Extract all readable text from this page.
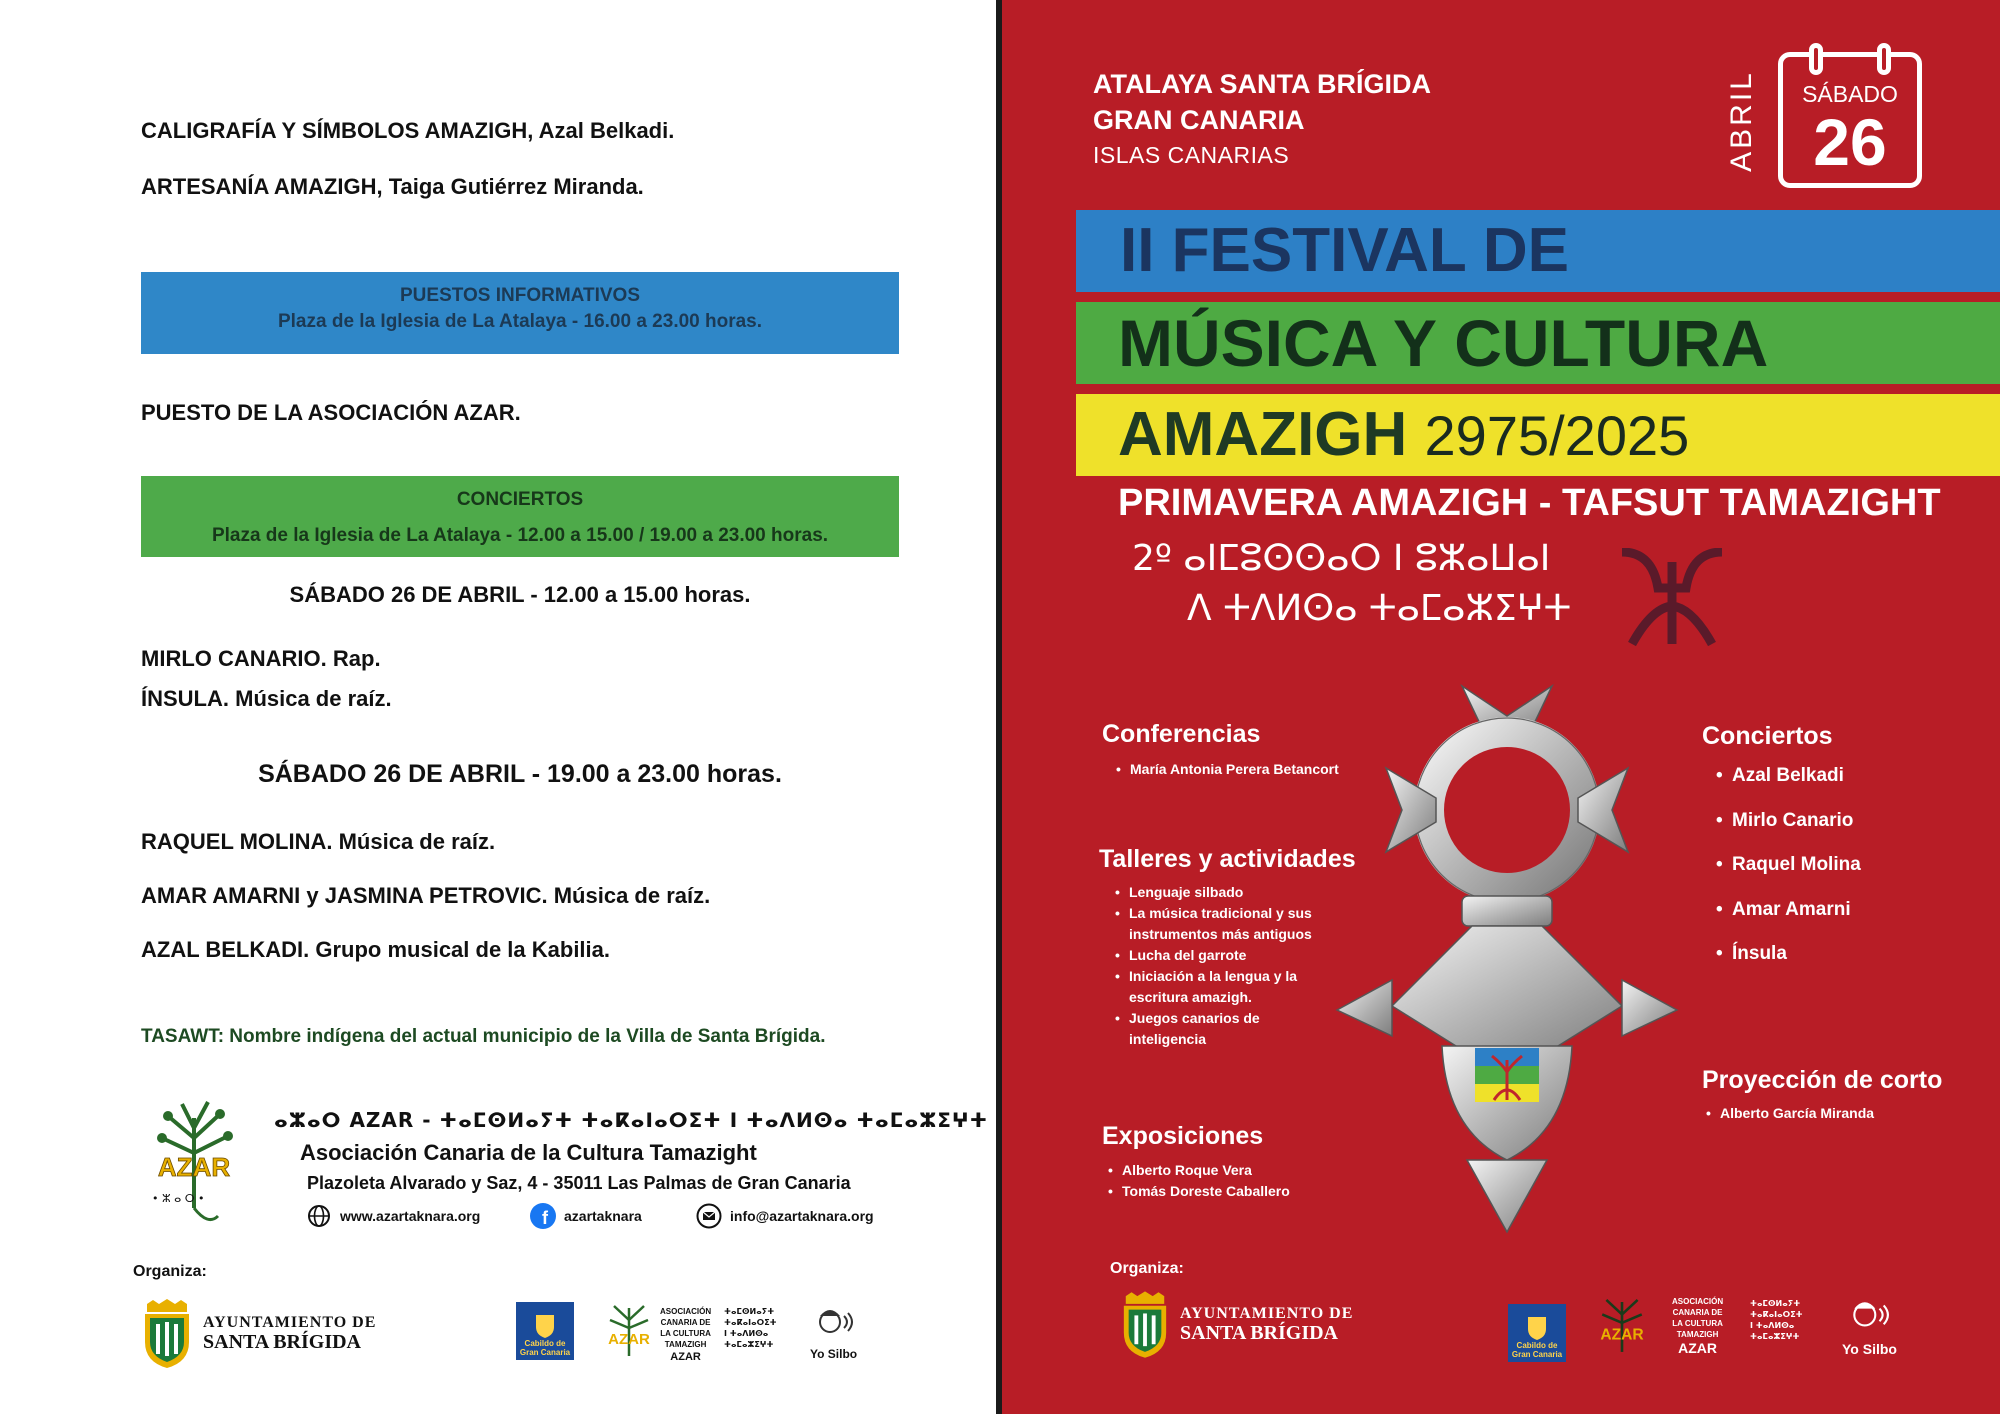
CALIGRAFÍA Y SÍMBOLOS AMAZIGH, Azal Belkadi.
ARTESANÍA AMAZIGH, Taiga Gutiérrez Miranda.
PUESTOS INFORMATIVOS
Plaza de la Iglesia de La Atalaya - 16.00 a 23.00 horas.
PUESTO DE LA ASOCIACIÓN AZAR.
CONCIERTOS
Plaza de la Iglesia de La Atalaya - 12.00 a 15.00 / 19.00 a 23.00 horas.
SÁBADO 26 DE ABRIL - 12.00 a 15.00 horas.
MIRLO CANARIO. Rap.
ÍNSULA. Música de raíz.
SÁBADO 26 DE ABRIL - 19.00 a 23.00 horas.
RAQUEL MOLINA. Música de raíz.
AMAR AMARNI y JASMINA PETROVIC. Música de raíz.
AZAL BELKADI. Grupo musical de la Kabilia.
TASAWT: Nombre indígena del actual municipio de la Villa de Santa Brígida.
AZAR
• ⵣ ⴰ ⵔ •
ⴰⵣⴰⵔ AZAR - ⵜⴰⵎⵙⵍⴰⵢⵜ ⵜⴰⴽⴰⵏⴰⵔⵉⵜ ⵏ ⵜⴰⴷⵍⵙⴰ ⵜⴰⵎⴰⵣⵉⵖⵜ
Asociación Canaria de la Cultura Tamazight
Plazoleta Alvarado y Saz, 4 - 35011 Las Palmas de Gran Canaria
www.azartaknara.org	f azartaknara	info@azartaknara.org
Organiza:
AYUNTAMIENTO DE
SANTA BRÍGIDA	Cabildo de
Gran Canaria
AZAR
ASOCIACIÓN
CANARIA DE
LA CULTURA
TAMAZIGH
AZAR
ⵜⴰⵎⵙⵍⴰⵢⵜ
ⵜⴰⴽⴰⵏⴰⵔⵉⵜ
ⵏ ⵜⴰⴷⵍⵙⴰ
ⵜⴰⵎⴰⵣⵉⵖⵜ
Yo Silbo
ATALAYA SANTA BRÍGIDA
GRAN CANARIA
ISLAS CANARIAS	ABRIL	SÁBADO
26
II FESTIVAL DE
MÚSICA Y CULTURA
AMAZIGH 2975/2025
PRIMAVERA AMAZIGH - TAFSUT TAMAZIGHT
2º ⴰⵏⵎⵓⵙⵙⴰⵔ ⵏ ⵓⵣⴰⵡⴰⵏ
ⴷ ⵜⴷⵍⵙⴰ ⵜⴰⵎⴰⵣⵉⵖⵜ
Conferencias
• María Antonia Perera Betancort
Talleres y actividades
• Lenguaje silbado
• La música tradicional y sus
instrumentos más antiguos
• Lucha del garrote
• Iniciación a la lengua y la
escritura amazigh.
• Juegos canarios de
inteligencia
Exposiciones
• Alberto Roque Vera
• Tomás Doreste Caballero
Conciertos
• Azal Belkadi
• Mirlo Canario
• Raquel Molina
• Amar Amarni
• Ínsula
Proyección de corto
• Alberto García Miranda
Organiza:
AYUNTAMIENTO DE
SANTA BRÍGIDA
Cabildo de
Gran Canaria
AZAR
ASOCIACIÓN
CANARIA DE
LA CULTURA
TAMAZIGH
AZAR
ⵜⴰⵎⵙⵍⴰⵢⵜ
ⵜⴰⴽⴰⵏⴰⵔⵉⵜ
ⵏ ⵜⴰⴷⵍⵙⴰ
ⵜⴰⵎⴰⵣⵉⵖⵜ
Yo Silbo
